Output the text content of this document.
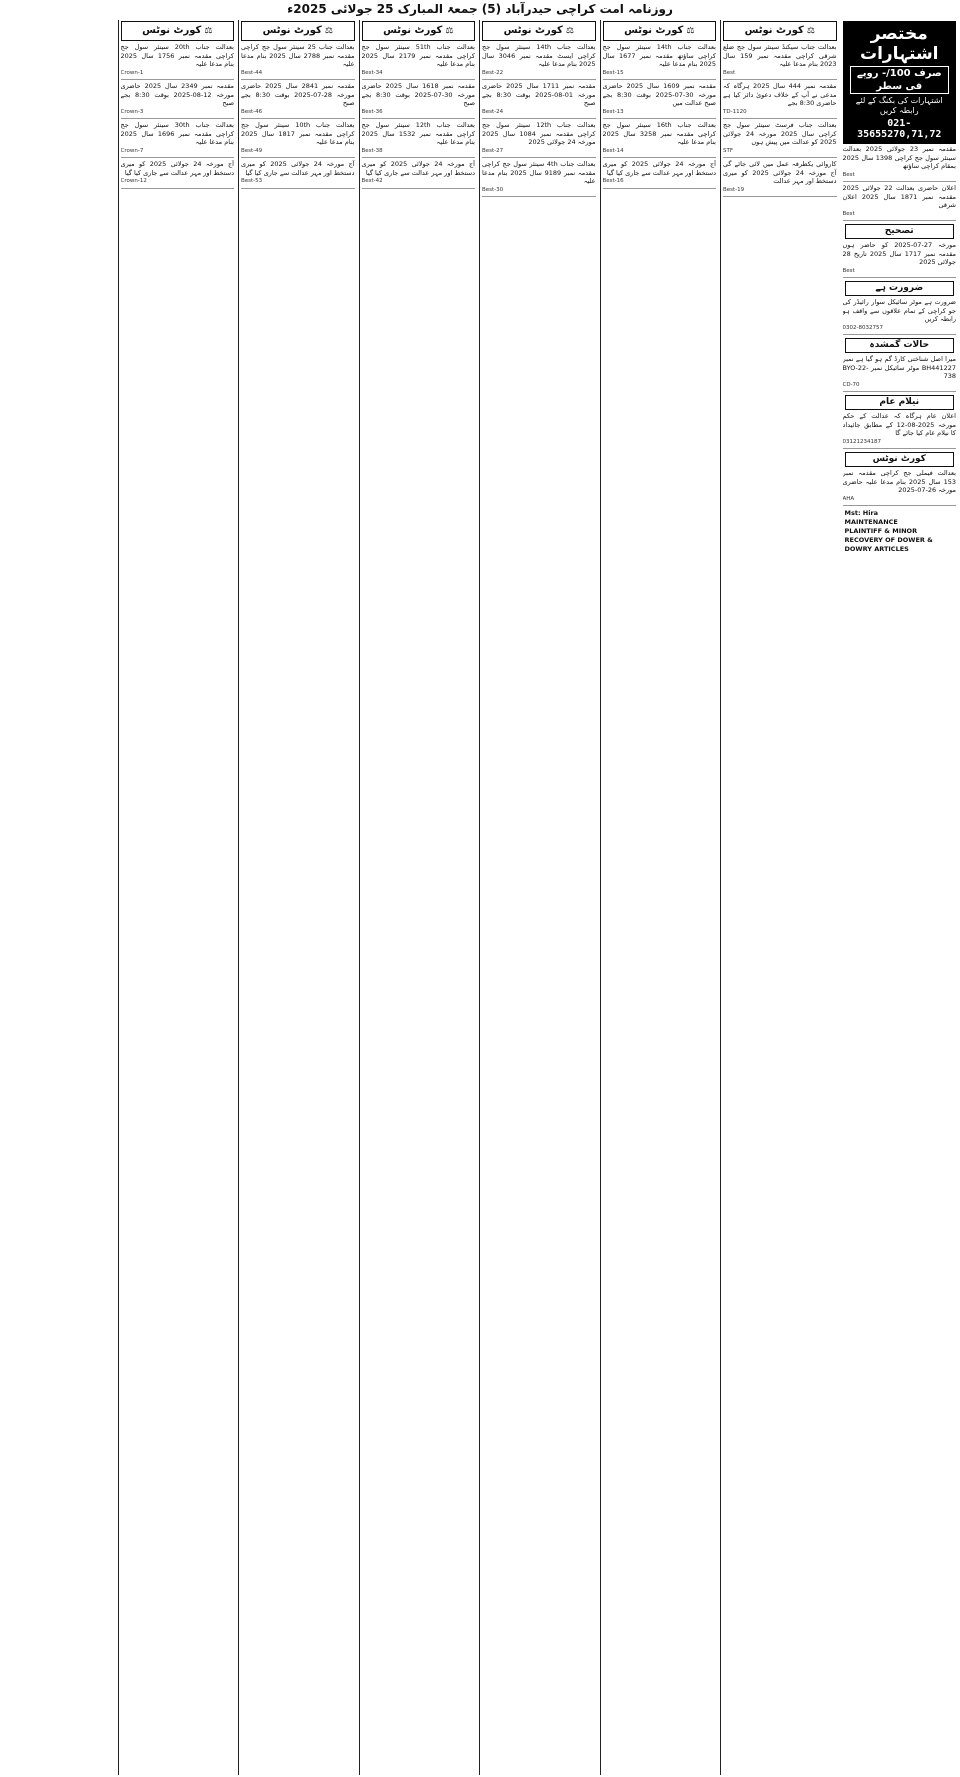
روزنامہ امت کراچی حیدرآباد (5) جمعۃ المبارک 25 جولائی 2025ء
مختصر اشتہارات
صرف 100/- روپے فی سطر
اشتہارات کی بکنگ کے لئے رابطہ کریں
021-35655270,71,72
مقدمہ نمبر 23 جولائی 2025 بعدالت سینئر سول جج کراچی 1398 سال 2025 بمقام کراچی ساؤتھ
Best
اعلان حاضری بعدالت 22 جولائی 2025 مقدمہ نمبر 1871 سال 2025 اعلان شرقی
Best
تصحیح
مورخہ 27-07-2025 کو حاضر ہوں مقدمہ نمبر 1717 سال 2025 تاریخ 28 جولائی 2025
Best
ضرورت ہے
ضرورت ہے موٹر سائیکل سوار رائیڈر کی جو کراچی کے تمام علاقوں سے واقف ہو رابطہ کریں
0302-8032757
حالات گمشدہ
میرا اصل شناختی کارڈ گم ہو گیا ہے نمبر BH441227 موٹر سائیکل نمبر BYO-22-738
CD-70
نیلام عام
اعلان عام ہرگاہ کہ عدالت کے حکم مورخہ 2025-08-12 کے مطابق جائیداد کا نیلام عام کیا جائے گا
03121234187
کورٹ نوٹس
بعدالت فیملی جج کراچی مقدمہ نمبر 153 سال 2025 بنام مدعا علیہ حاضری مورخہ 26-07-2025
AHA
Mst: Hira
MAINTENANCE
PLAINTIFF & MINOR
RECOVERY OF DOWER &
DOWRY ARTICLES
⚖کورٹ نوٹس
بعدالت جناب سیکنڈ سینئر سول جج ضلع شرقی کراچی مقدمہ نمبر 159 سال 2023 بنام مدعا علیہ
Best
مقدمہ نمبر 444 سال 2025 ہرگاہ کہ مدعی نے آپ کے خلاف دعویٰ دائر کیا ہے حاضری 8:30 بجے
TD-1120
بعدالت جناب فرسٹ سینئر سول جج کراچی سال 2025 مورخہ 24 جولائی 2025 کو عدالت میں پیش ہوں
STF
کاروائی یکطرفہ عمل میں لائی جائے گی آج مورخہ 24 جولائی 2025 کو میری دستخط اور مہر عدالت
Best-19
⚖کورٹ نوٹس
بعدالت جناب 14th سینئر سول جج کراچی ساؤتھ مقدمہ نمبر 1677 سال 2025 بنام مدعا علیہ
Best-15
مقدمہ نمبر 1609 سال 2025 حاضری مورخہ 30-07-2025 بوقت 8:30 بجے صبح عدالت میں
Best-13
بعدالت جناب 16th سینئر سول جج کراچی مقدمہ نمبر 3258 سال 2025 بنام مدعا علیہ
Best-14
آج مورخہ 24 جولائی 2025 کو میری دستخط اور مہر عدالت سے جاری کیا گیا
Best-16
⚖کورٹ نوٹس
بعدالت جناب 14th سینئر سول جج کراچی ایسٹ مقدمہ نمبر 3046 سال 2025 بنام مدعا علیہ
Best-22
مقدمہ نمبر 1711 سال 2025 حاضری مورخہ 01-08-2025 بوقت 8:30 بجے صبح
Best-24
بعدالت جناب 12th سینئر سول جج کراچی مقدمہ نمبر 1084 سال 2025 مورخہ 24 جولائی 2025
Best-27
بعدالت جناب 4th سینئر سول جج کراچی مقدمہ نمبر 9189 سال 2025 بنام مدعا علیہ
Best-30
⚖کورٹ نوٹس
بعدالت جناب 51th سینئر سول جج کراچی مقدمہ نمبر 2179 سال 2025 بنام مدعا علیہ
Best-34
مقدمہ نمبر 1618 سال 2025 حاضری مورخہ 30-07-2025 بوقت 8:30 بجے صبح
Best-36
بعدالت جناب 12th سینئر سول جج کراچی مقدمہ نمبر 1532 سال 2025 بنام مدعا علیہ
Best-38
آج مورخہ 24 جولائی 2025 کو میری دستخط اور مہر عدالت سے جاری کیا گیا
Best-42
⚖کورٹ نوٹس
بعدالت جناب 25 سینئر سول جج کراچی مقدمہ نمبر 2788 سال 2025 بنام مدعا علیہ
Best-44
مقدمہ نمبر 2841 سال 2025 حاضری مورخہ 28-07-2025 بوقت 8:30 بجے صبح
Best-46
بعدالت جناب 10th سینئر سول جج کراچی مقدمہ نمبر 1817 سال 2025 بنام مدعا علیہ
Best-49
آج مورخہ 24 جولائی 2025 کو میری دستخط اور مہر عدالت سے جاری کیا گیا
Best-53
⚖کورٹ نوٹس
بعدالت جناب 20th سینئر سول جج کراچی مقدمہ نمبر 1756 سال 2025 بنام مدعا علیہ
Crown-1
مقدمہ نمبر 2349 سال 2025 حاضری مورخہ 12-08-2025 بوقت 8:30 بجے صبح
Crown-3
بعدالت جناب 30th سینئر سول جج کراچی مقدمہ نمبر 1696 سال 2025 بنام مدعا علیہ
Crown-7
آج مورخہ 24 جولائی 2025 کو میری دستخط اور مہر عدالت سے جاری کیا گیا
Crown-12
